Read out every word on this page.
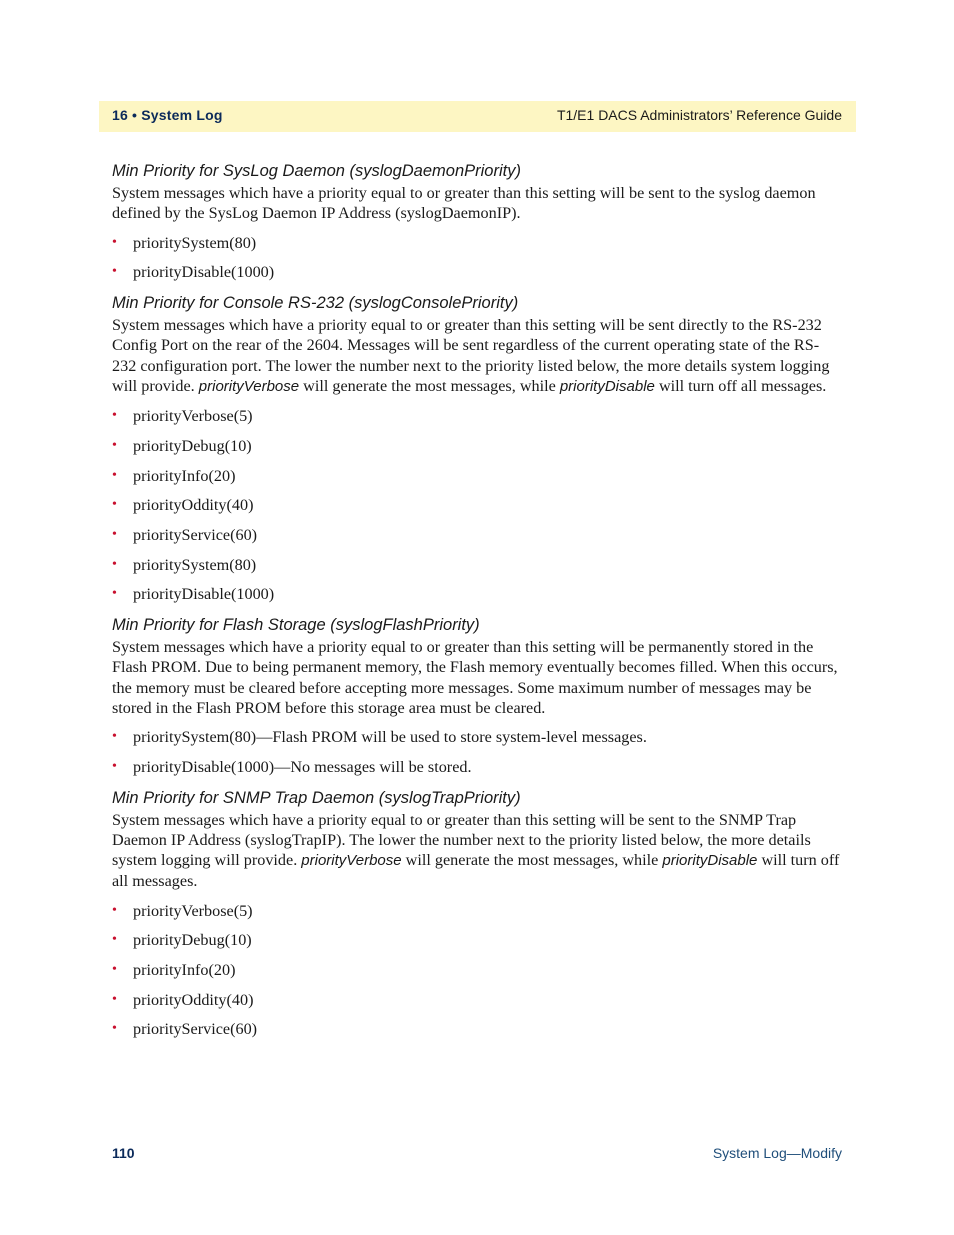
16 • System Log	T1/E1 DACS Administrators’ Reference Guide
Min Priority for SysLog Daemon (syslogDaemonPriority)

System messages which have a priority equal to or greater than this setting will be sent to the syslog daemon defined by the SysLog Daemon IP Address (syslogDaemonIP).

• prioritySystem(80)
• priorityDisable(1000)
Min Priority for Console RS-232 (syslogConsolePriority)

System messages which have a priority equal to or greater than this setting will be sent directly to the RS-232 Config Port on the rear of the 2604. Messages will be sent regardless of the current operating state of the RS-232 configuration port. The lower the number next to the priority listed below, the more details system logging will provide. priorityVerbose will generate the most messages, while priorityDisable will turn off all messages.

• priorityVerbose(5)
• priorityDebug(10)
• priorityInfo(20)
• priorityOddity(40)
• priorityService(60)
• prioritySystem(80)
• priorityDisable(1000)
Min Priority for Flash Storage (syslogFlashPriority)

System messages which have a priority equal to or greater than this setting will be permanently stored in the Flash PROM. Due to being permanent memory, the Flash memory eventually becomes filled. When this occurs, the memory must be cleared before accepting more messages. Some maximum number of messages may be stored in the Flash PROM before this storage area must be cleared.

• prioritySystem(80)—Flash PROM will be used to store system-level messages.
• priorityDisable(1000)—No messages will be stored.
Min Priority for SNMP Trap Daemon (syslogTrapPriority)

System messages which have a priority equal to or greater than this setting will be sent to the SNMP Trap Daemon IP Address (syslogTrapIP). The lower the number next to the priority listed below, the more details system logging will provide. priorityVerbose will generate the most messages, while priorityDisable will turn off all messages.

• priorityVerbose(5)
• priorityDebug(10)
• priorityInfo(20)
• priorityOddity(40)
• priorityService(60)
110	System Log—Modify
